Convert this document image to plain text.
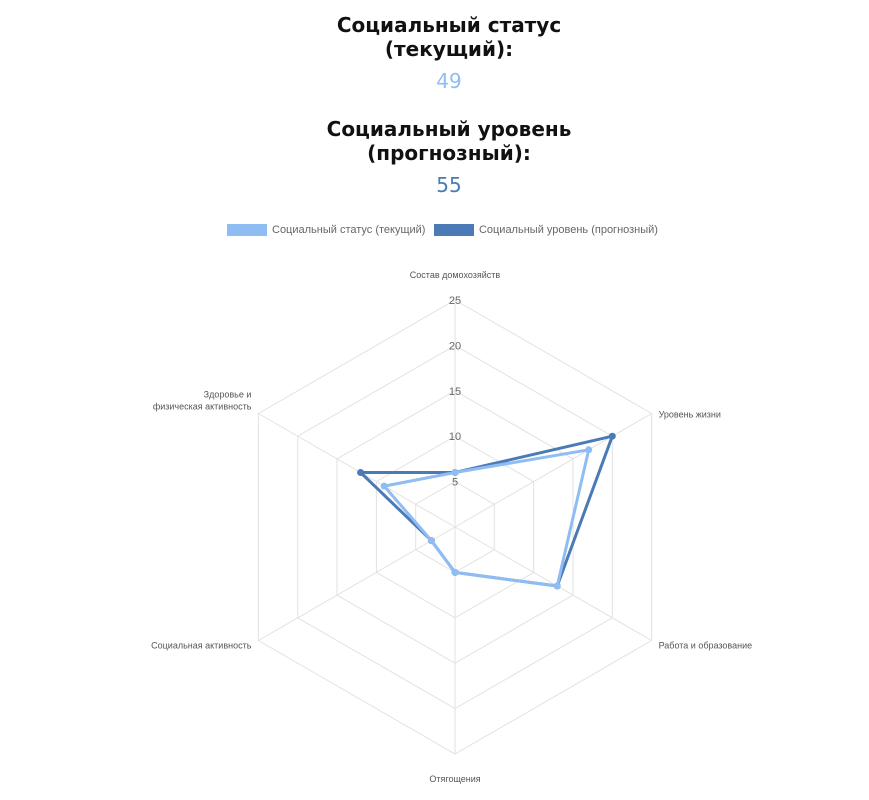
Социальный статус
(текущий):
49
Социальный уровень
(прогнозный):
55
Социальный статус (текущий)	Социальный уровень (прогнозный)
5
10
15
20
25
Состав домохозяйств
Уровень жизни
Работа и образование
Отягощения
Социальная активность
Здоровье и физическая активность
